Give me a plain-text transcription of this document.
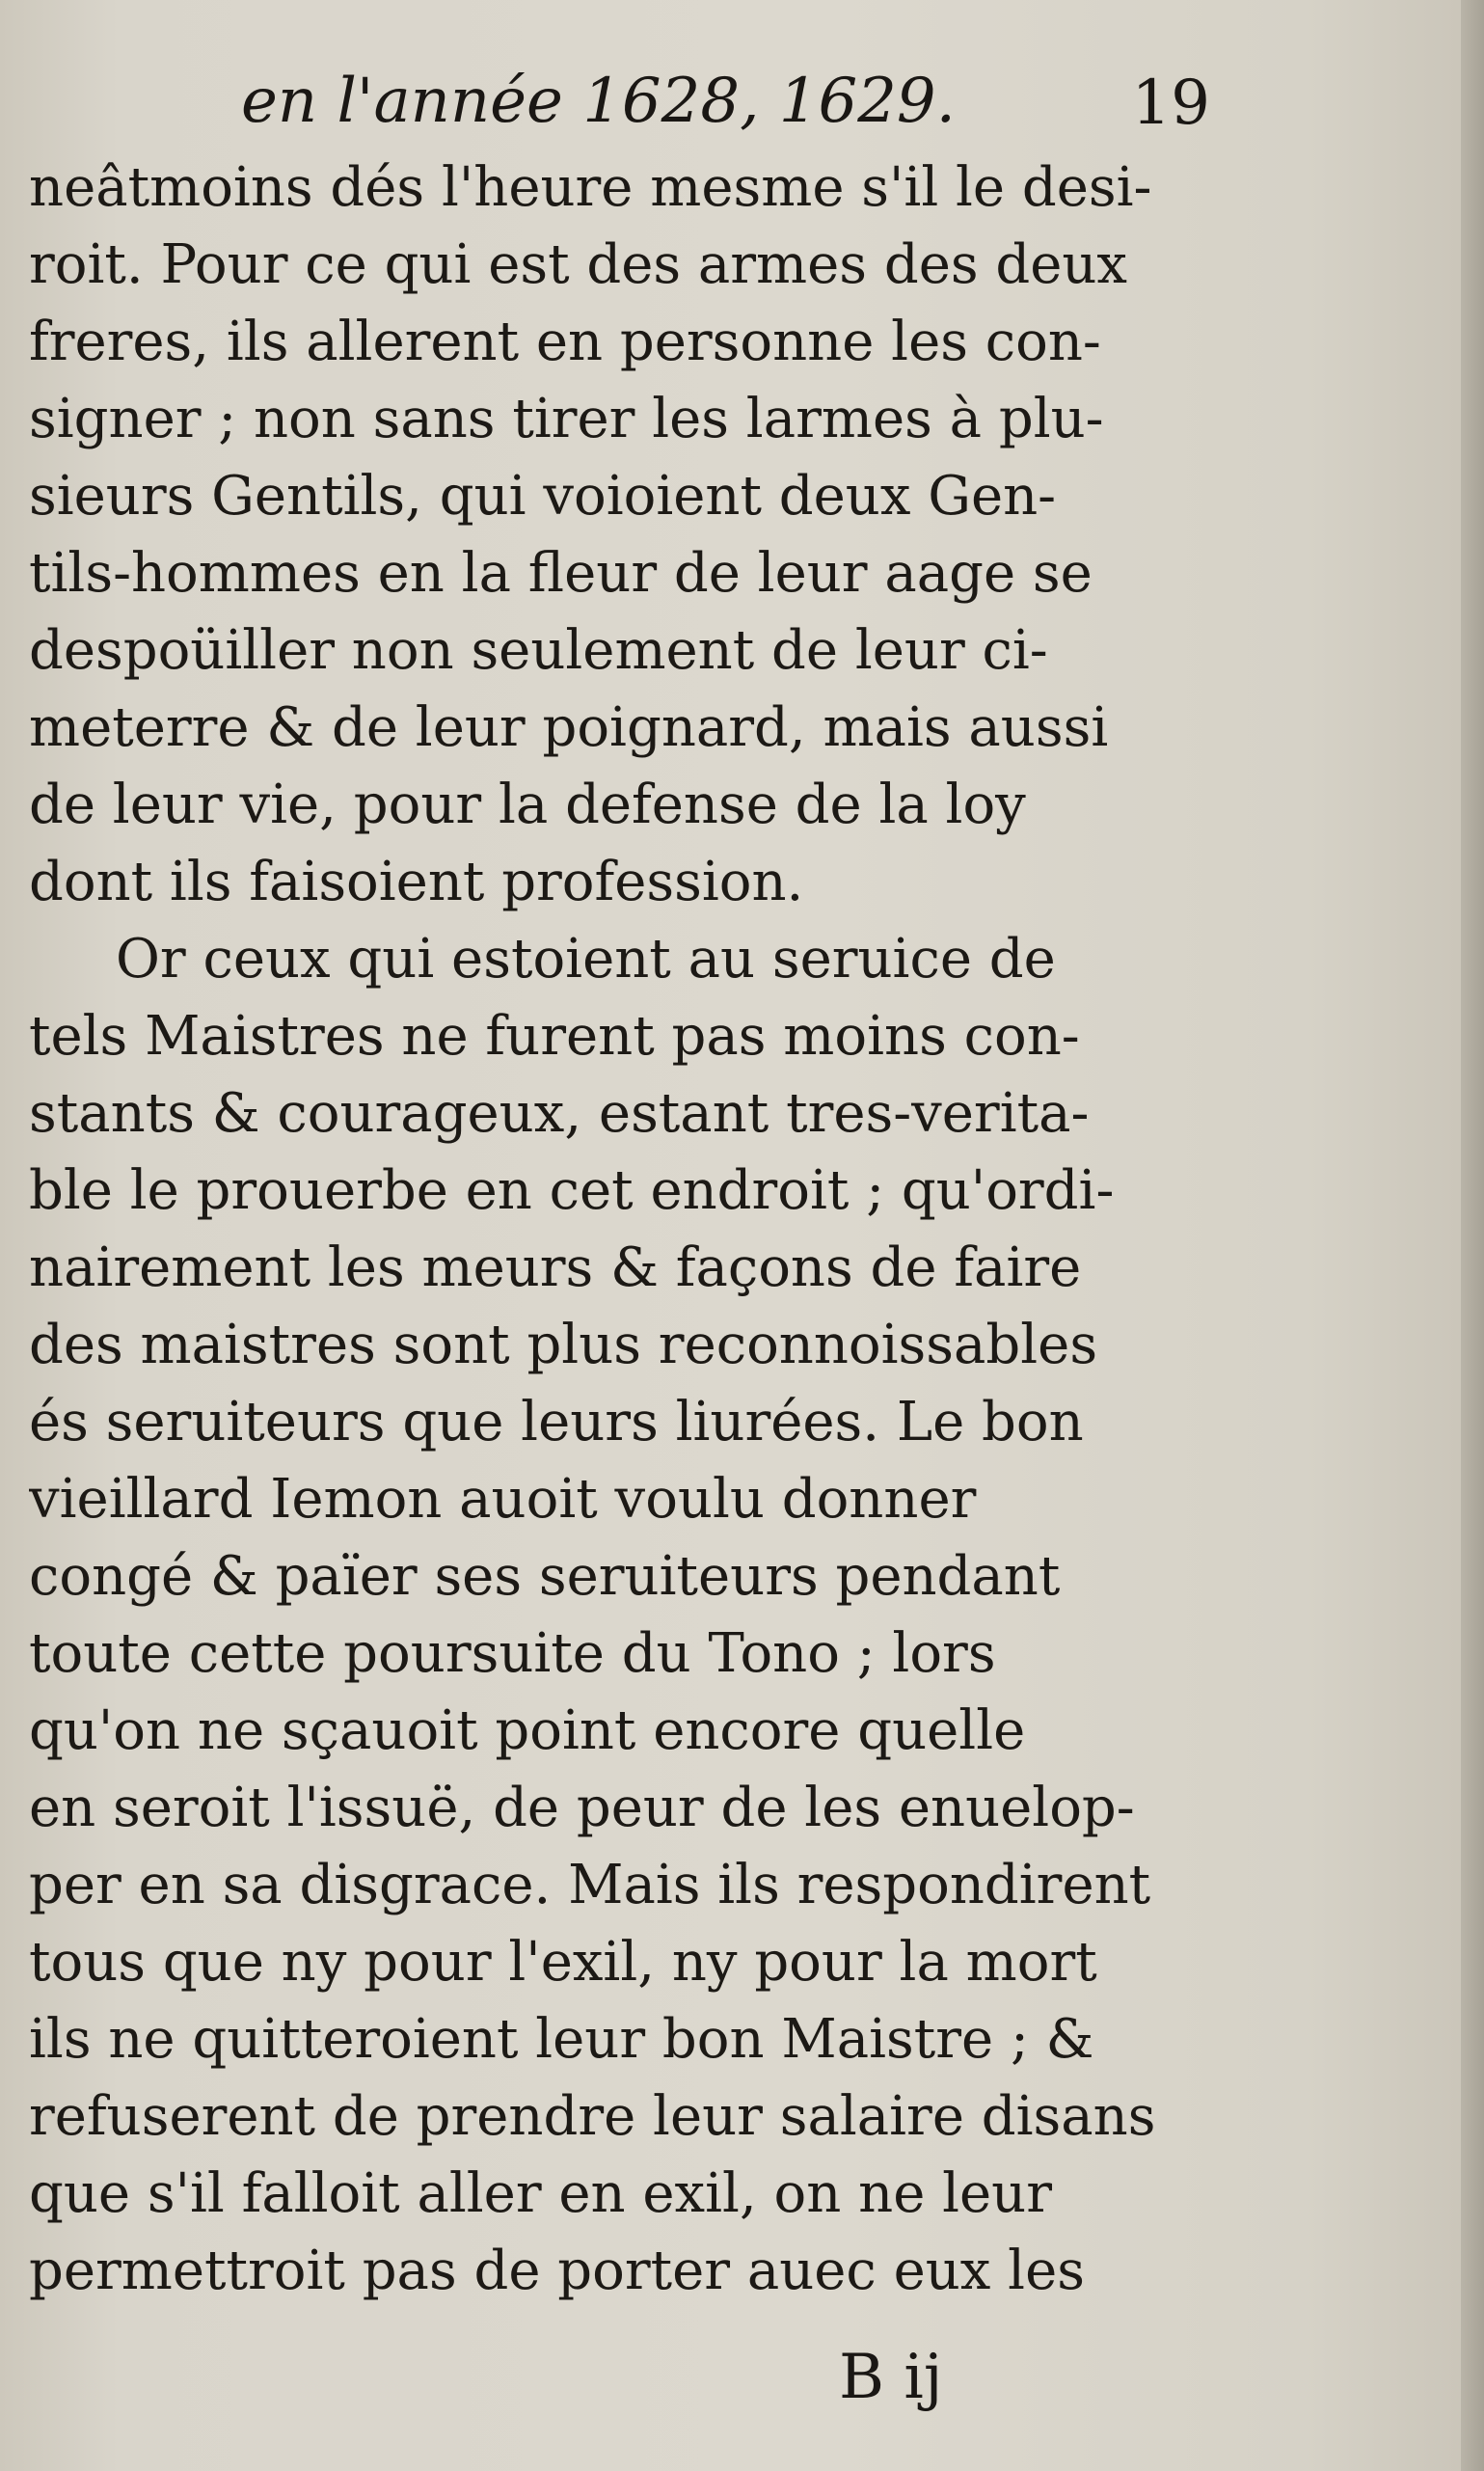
en l'année 1628, 1629.	19
neâtmoins dés l'heure mesme s'il le desi-
roit. Pour ce qui est des armes des deux
freres, ils allerent en personne les con-
signer ; non sans tirer les larmes à plu-
sieurs Gentils, qui voioient deux Gen-
tils-hommes en la fleur de leur aage se
despoüiller non seulement de leur ci-
meterre & de leur poignard, mais aussi
de leur vie, pour la defense de la loy
dont ils faisoient profession.
Or ceux qui estoient au seruice de
tels Maistres ne furent pas moins con-
stants & courageux, estant tres-verita-
ble le prouerbe en cet endroit ; qu'ordi-
nairement les meurs & façons de faire
des maistres sont plus reconnoissables
és seruiteurs que leurs liurées. Le bon
vieillard Iemon auoit voulu donner
congé & païer ses seruiteurs pendant
toute cette poursuite du Tono ; lors
qu'on ne sçauoit point encore quelle
en seroit l'issuë, de peur de les enuelop-
per en sa disgrace. Mais ils respondirent
tous que ny pour l'exil, ny pour la mort
ils ne quitteroient leur bon Maistre ; &
refuserent de prendre leur salaire disans
que s'il falloit aller en exil, on ne leur
permettroit pas de porter auec eux les
B ij
